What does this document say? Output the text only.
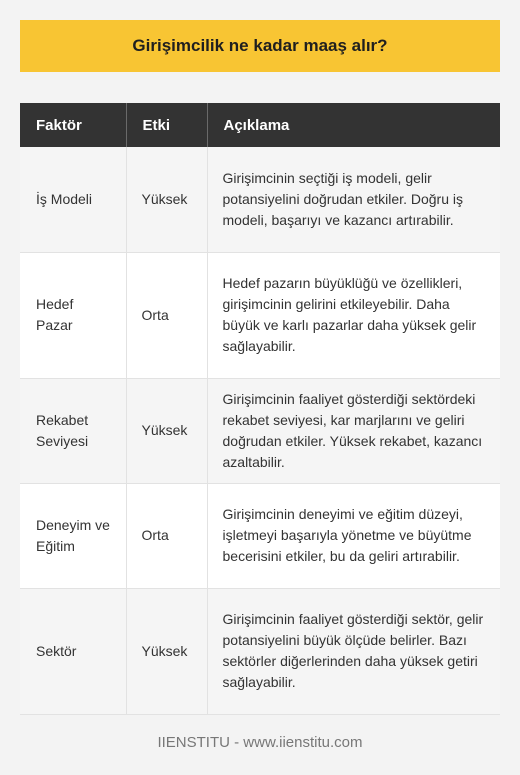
Girişimcilik ne kadar maaş alır?
Faktör	Etki	Açıklama
İş Modeli	Yüksek	Girişimcinin seçtiği iş modeli, gelir potansiyelini doğrudan etkiler. Doğru iş modeli, başarıyı ve kazancı artırabilir.
Hedef Pazar	Orta	Hedef pazarın büyüklüğü ve özellikleri, girişimcinin gelirini etkileyebilir. Daha büyük ve karlı pazarlar daha yüksek gelir sağlayabilir.
Rekabet Seviyesi	Yüksek	Girişimcinin faaliyet gösterdiği sektördeki rekabet seviyesi, kar marjlarını ve geliri doğrudan etkiler. Yüksek rekabet, kazancı azaltabilir.
Deneyim ve Eğitim	Orta	Girişimcinin deneyimi ve eğitim düzeyi, işletmeyi başarıyla yönetme ve büyütme becerisini etkiler, bu da geliri artırabilir.
Sektör	Yüksek	Girişimcinin faaliyet gösterdiği sektör, gelir potansiyelini büyük ölçüde belirler. Bazı sektörler diğerlerinden daha yüksek getiri sağlayabilir.
IIENSTITU - www.iienstitu.com
